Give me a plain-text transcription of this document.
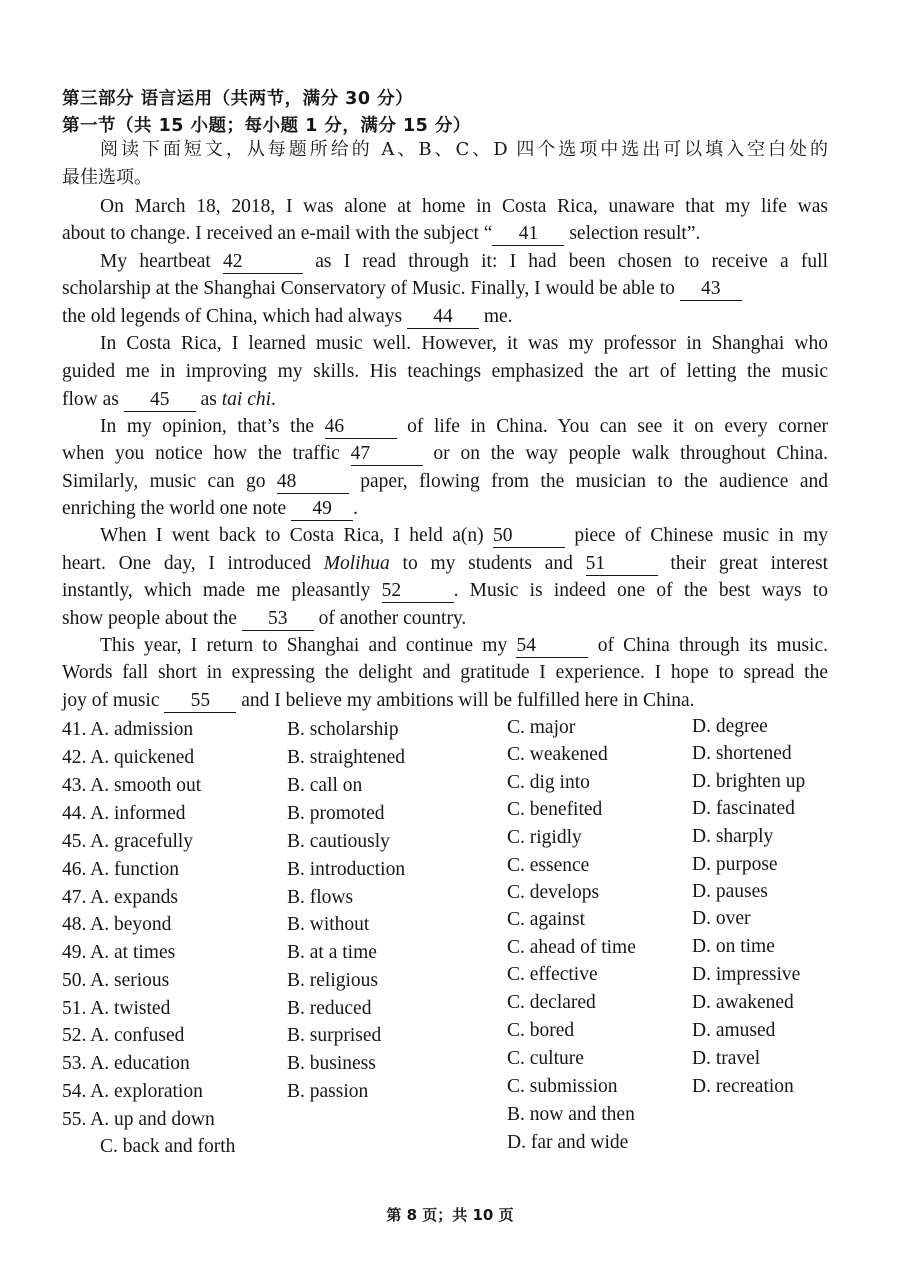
第三部分 语言运用（共两节，满分 30 分）
第一节（共 15 小题；每小题 1 分，满分 15 分）
阅读下面短文，从每题所给的 A、B、C、D 四个选项中选出可以填入空白处的
最佳选项。
On March 18, 2018, I was alone at home in Costa Rica, unaware that my life was
about to change. I received an e-mail with the subject “ 41 selection result”.
My heartbeat 42	as I read through it: I had been chosen to receive a full
scholarship at the Shanghai Conservatory of Music. Finally, I would be able to 43
the old legends of China, which had always 44 me.
In Costa Rica, I learned music well. However, it was my professor in Shanghai who
guided me in improving my skills. His teachings emphasized the art of letting the music
flow as 45 as tai chi.
In my opinion, that’s the 46	of life in China. You can see it on every corner
when you notice how the traffic 47	or on the way people walk throughout China.
Similarly, music can go 48	paper, flowing from the musician to the audience and
enriching the world one note 49 .
When I went back to Costa Rica, I held a(n) 50	piece of Chinese music in my
heart. One day, I introduced Molihua to my students and 51	their great interest
instantly, which made me pleasantly 52	. Music is indeed one of the best ways to
show people about the 53 of another country.
This year, I return to Shanghai and continue my 54	of China through its music.
Words fall short in expressing the delight and gratitude I experience. I hope to spread the
joy of music 55 and I believe my ambitions will be fulfilled here in China.
41. A. admission	B. scholarship	C. major	D. degree
42. A. quickened	B. straightened	C. weakened	D. shortened
43. A. smooth out	B. call on	C. dig into	D. brighten up
44. A. informed	B. promoted	C. benefited	D. fascinated
45. A. gracefully	B. cautiously	C. rigidly	D. sharply
46. A. function	B. introduction	C. essence	D. purpose
47. A. expands	B. flows	C. develops	D. pauses
48. A. beyond	B. without	C. against	D. over
49. A. at times	B. at a time	C. ahead of time	D. on time
50. A. serious	B. religious	C. effective	D. impressive
51. A. twisted	B. reduced	C. declared	D. awakened
52. A. confused	B. surprised	C. bored	D. amused
53. A. education	B. business	C. culture	D. travel
54. A. exploration	B. passion	C. submission	D. recreation
55. A. up and down	B. now and then
C. back and forth	D. far and wide
第 8 页；共 10 页
